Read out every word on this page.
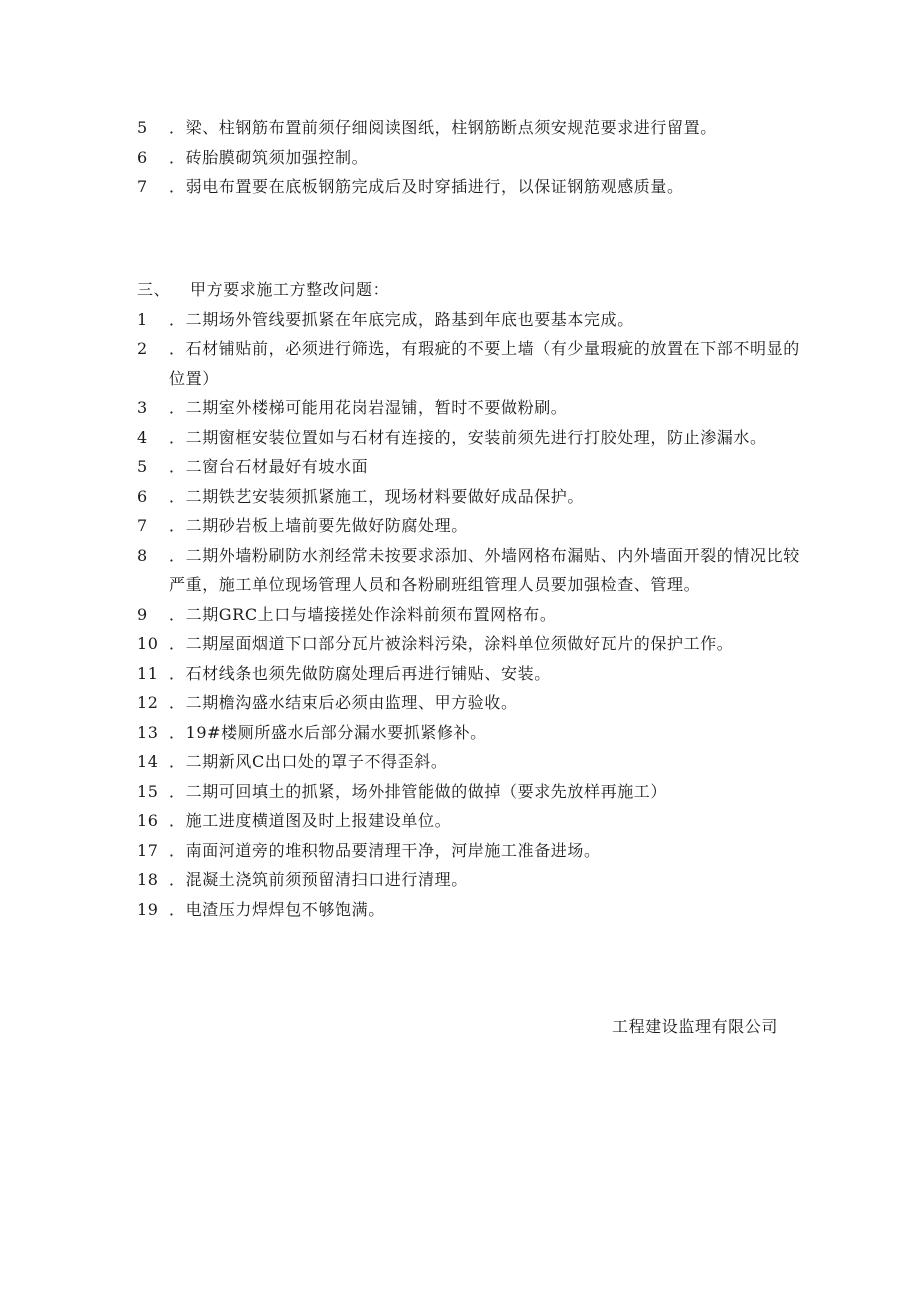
5	．梁、柱钢筋布置前须仔细阅读图纸，柱钢筋断点须安规范要求进行留置。
6	．砖胎膜砌筑须加强控制。
7	．弱电布置要在底板钢筋完成后及时穿插进行，以保证钢筋观感质量。
三、	甲方要求施工方整改问题：
1	．二期场外管线要抓紧在年底完成，路基到年底也要基本完成。
2	．石材铺贴前，必须进行筛选，有瑕疵的不要上墙（有少量瑕疵的放置在下部不明显的位置）
3	．二期室外楼梯可能用花岗岩湿铺，暂时不要做粉刷。
4	．二期窗框安装位置如与石材有连接的，安装前须先进行打胶处理，防止渗漏水。
5	．二窗台石材最好有坡水面
6	．二期铁艺安装须抓紧施工，现场材料要做好成品保护。
7	．二期砂岩板上墙前要先做好防腐处理。
8	．二期外墙粉刷防水剂经常未按要求添加、外墙网格布漏贴、内外墙面开裂的情况比较严重，施工单位现场管理人员和各粉刷班组管理人员要加强检查、管理。
9	．二期GRC上口与墙接搓处作涂料前须布置网格布。
10 ．二期屋面烟道下口部分瓦片被涂料污染，涂料单位须做好瓦片的保护工作。
11 ．石材线条也须先做防腐处理后再进行铺贴、安装。
12 ．二期檐沟盛水结束后必须由监理、甲方验收。
13 ．19#楼厕所盛水后部分漏水要抓紧修补。
14 ．二期新风C出口处的罩子不得歪斜。
15 ．二期可回填土的抓紧，场外排管能做的做掉（要求先放样再施工）
16 ．施工进度横道图及时上报建设单位。
17 ．南面河道旁的堆积物品要清理干净，河岸施工准备进场。
18 ．混凝土浇筑前须预留清扫口进行清理。
19 ．电渣压力焊焊包不够饱满。
工程建设监理有限公司
